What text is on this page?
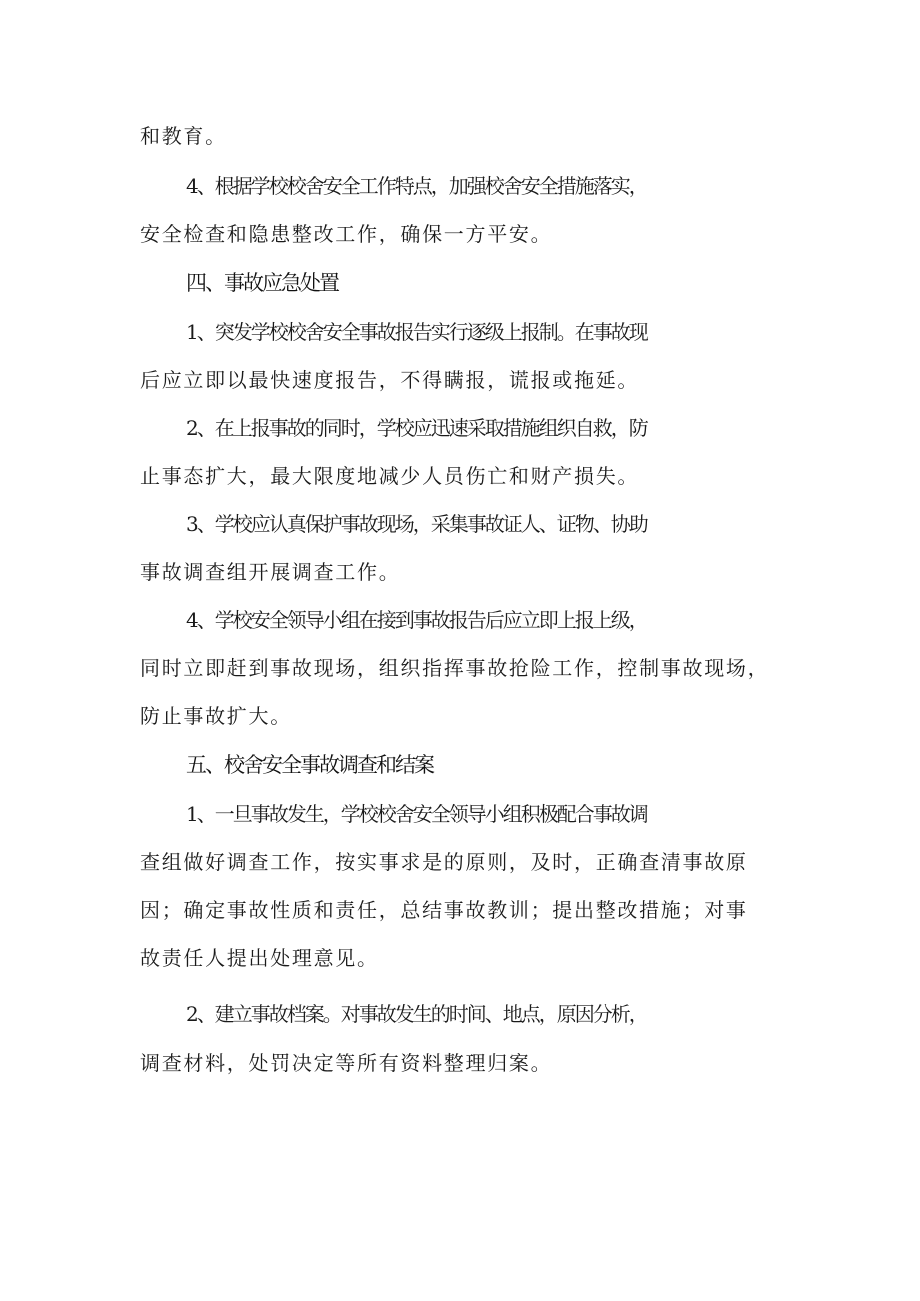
和教育。

4、根据学校校舍安全工作特点，加强校舍安全措施落实，

安全检查和隐患整改工作，确保一方平安。

四、事故应急处置

1、突发学校校舍安全事故报告实行逐级上报制。在事故现

后应立即以最快速度报告，不得瞒报，谎报或拖延。

2、在上报事故的同时，学校应迅速采取措施组织自救，防

止事态扩大，最大限度地减少人员伤亡和财产损失。

3、学校应认真保护事故现场，采集事故证人、证物、协助

事故调查组开展调查工作。

4、学校安全领导小组在接到事故报告后应立即上报上级，

同时立即赶到事故现场，组织指挥事故抢险工作，控制事故现场，

防止事故扩大。

五、校舍安全事故调查和结案

1、一旦事故发生，学校校舍安全领导小组积极配合事故调

查组做好调查工作，按实事求是的原则，及时，正确查清事故原

因；确定事故性质和责任，总结事故教训；提出整改措施；对事

故责任人提出处理意见。

2、建立事故档案。对事故发生的时间、地点，原因分析，

调查材料，处罚决定等所有资料整理归案。
